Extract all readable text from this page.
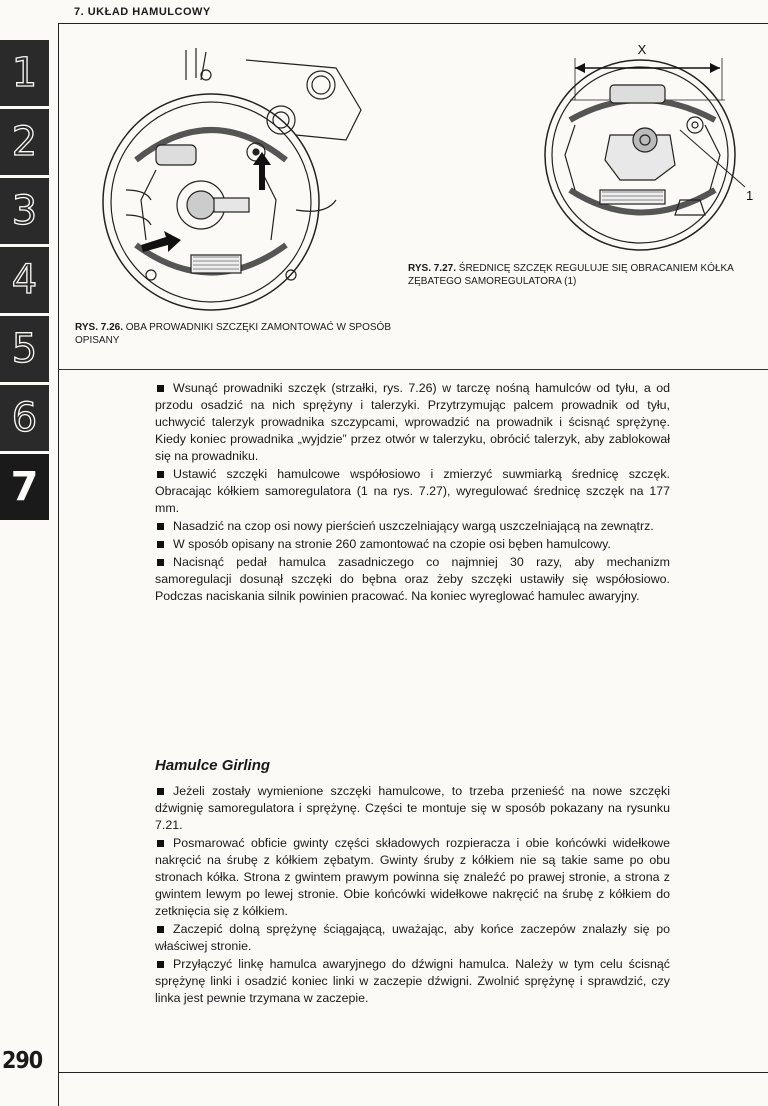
7. UKŁAD HAMULCOWY
1
2
3
4
5
6
7
X
1
RYS. 7.26. OBA PROWADNIKI SZCZĘKI ZAMONTOWAĆ W SPOSÓB OPISANY
RYS. 7.27. ŚREDNICĘ SZCZĘK REGULUJE SIĘ OBRACANIEM KÓŁKA ZĘBATEGO SAMOREGULATORA (1)

Wsunąć prowadniki szczęk (strzałki, rys. 7.26) w tarczę nośną hamulców od tyłu, a od przodu osadzić na nich sprężyny i talerzyki. Przytrzymując palcem prowadnik od tyłu, uchwycić talerzyk prowadnika szczypcami, wprowadzić na prowadnik i ścisnąć sprężynę. Kiedy koniec prowadnika „wyjdzie” przez otwór w talerzyku, obrócić talerzyk, aby zablokował się na prowadniku.

Ustawić szczęki hamulcowe współosiowo i zmierzyć suwmiarką średnicę szczęk. Obracając kółkiem samoregulatora (1 na rys. 7.27), wyregulować średnicę szczęk na 177 mm.

Nasadzić na czop osi nowy pierścień uszczelniający wargą uszczelniającą na zewnątrz.

W sposób opisany na stronie 260 zamontować na czopie osi bęben hamulcowy.

Nacisnąć pedał hamulca zasadniczego co najmniej 30 razy, aby mechanizm samoregulacji dosunął szczęki do bębna oraz żeby szczęki ustawiły się współosiowo. Podczas naciskania silnik powinien pracować. Na koniec wyreglować hamulec awaryjny.

Hamulce Girling

Jeżeli zostały wymienione szczęki hamulcowe, to trzeba przenieść na nowe szczęki dźwignię samoregulatora i sprężynę. Części te montuje się w sposób pokazany na rysunku 7.21.

Posmarować obficie gwinty części składowych rozpieracza i obie końcówki widełkowe nakręcić na śrubę z kółkiem zębatym. Gwinty śruby z kółkiem nie są takie same po obu stronach kółka. Strona z gwintem prawym powinna się znaleźć po prawej stronie, a strona z gwintem lewym po lewej stronie. Obie końcówki widełkowe nakręcić na śrubę z kółkiem do zetknięcia się z kółkiem.

Zaczepić dolną sprężynę ściągającą, uważając, aby końce zaczepów znalazły się po właściwej stronie.

Przyłączyć linkę hamulca awaryjnego do dźwigni hamulca. Należy w tym celu ścisnąć sprężynę linki i osadzić koniec linki w zaczepie dźwigni. Zwolnić sprężynę i sprawdzić, czy linka jest pewnie trzymana w zaczepie.

290
